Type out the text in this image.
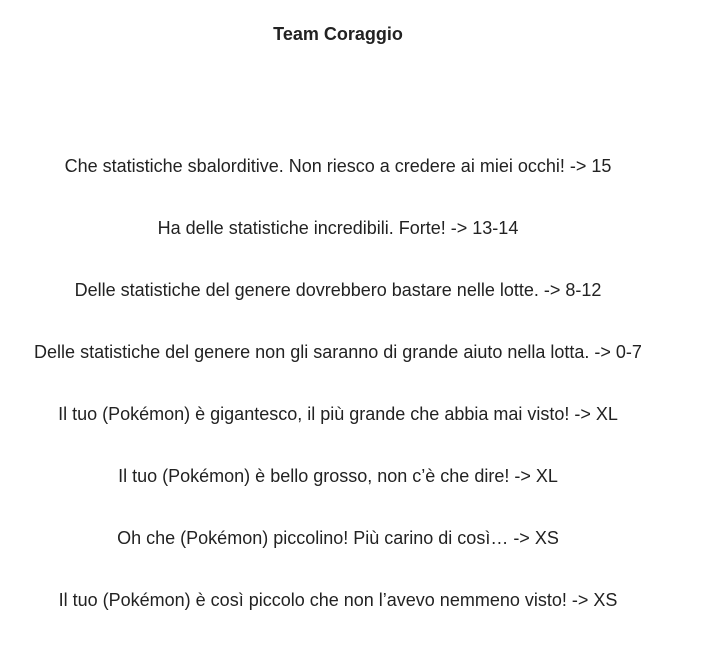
Team Coraggio
Che statistiche sbalorditive. Non riesco a credere ai miei occhi! -> 15
Ha delle statistiche incredibili. Forte! -> 13-14
Delle statistiche del genere dovrebbero bastare nelle lotte. -> 8-12
Delle statistiche del genere non gli saranno di grande aiuto nella lotta. -> 0-7
Il tuo (Pokémon) è gigantesco, il più grande che abbia mai visto! -> XL
Il tuo (Pokémon) è bello grosso, non c’è che dire! -> XL
Oh che (Pokémon) piccolino! Più carino di così… -> XS
Il tuo (Pokémon) è così piccolo che non l’avevo nemmeno visto! -> XS
